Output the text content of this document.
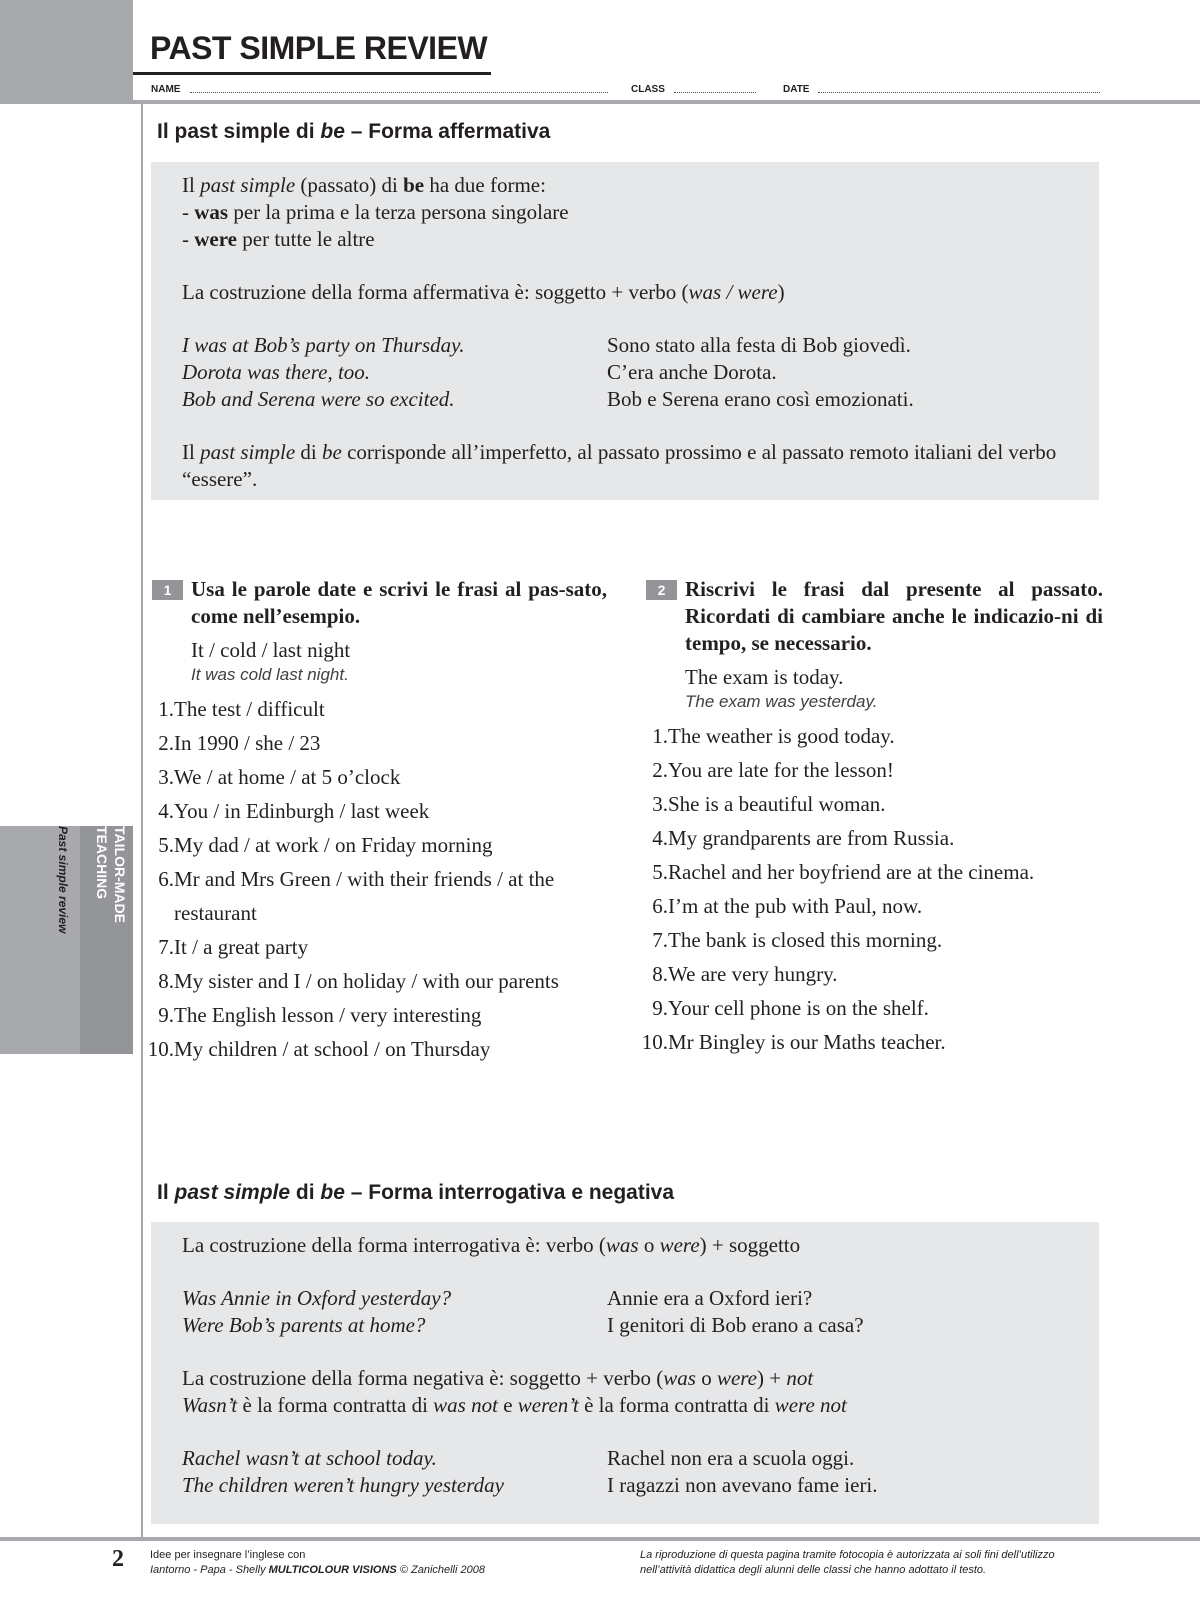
PAST SIMPLE REVIEW
NAME	CLASS	DATE
TAILOR-MADE
TEACHING
Past simple review
Il past simple di be – Forma affermativa

Il past simple (passato) di be ha due forme:

- was per la prima e la terza persona singolare

- were per tutte le altre

La costruzione della forma affermativa è: soggetto + verbo (was / were)

I was at Bob’s party on Thursday.	Sono stato alla festa di Bob giovedì.

Dorota was there, too.	C’era anche Dorota.

Bob and Serena were so excited.	Bob e Serena erano così emozionati.

Il past simple di be corrisponde all’imperfetto, al passato prossimo e al passato remoto italiani del verbo “essere”.

1 Usa le parole date e scrivi le frasi al pas-sato, come nell’esempio.
It / cold / last night
It was cold last night.
1. The test / difficult
2. In 1990 / she / 23
3. We / at home / at 5 o’clock
4. You / in Edinburgh / last week
5. My dad / at work / on Friday morning
6. Mr and Mrs Green / with their friends / at the restaurant
7. It / a great party
8. My sister and I / on holiday / with our parents
9. The English lesson / very interesting
10. My children / at school / on Thursday
2 Riscrivi le frasi dal presente al passato. Ricordati di cambiare anche le indicazio-ni di tempo, se necessario.
The exam is today.
The exam was yesterday.
1. The weather is good today.
2. You are late for the lesson!
3. She is a beautiful woman.
4. My grandparents are from Russia.
5. Rachel and her boyfriend are at the cinema.
6. I’m at the pub with Paul, now.
7. The bank is closed this morning.
8. We are very hungry.
9. Your cell phone is on the shelf.
10. Mr Bingley is our Maths teacher.
Il past simple di be – Forma interrogativa e negativa

La costruzione della forma interrogativa è: verbo (was o were) + soggetto

Was Annie in Oxford yesterday?	Annie era a Oxford ieri?

Were Bob’s parents at home?	I genitori di Bob erano a casa?

La costruzione della forma negativa è: soggetto + verbo (was o were) + not

Wasn’t è la forma contratta di was not e weren’t è la forma contratta di were not

Rachel wasn’t at school today.	Rachel non era a scuola oggi.

The children weren’t hungry yesterday	I ragazzi non avevano fame ieri.

2 Idee per insegnare l’inglese con
Iantorno - Papa - Shelly MULTICOLOUR VISIONS © Zanichelli 2008
La riproduzione di questa pagina tramite fotocopia è autorizzata ai soli fini dell’utilizzo nell’attività didattica degli alunni delle classi che hanno adottato il testo.
